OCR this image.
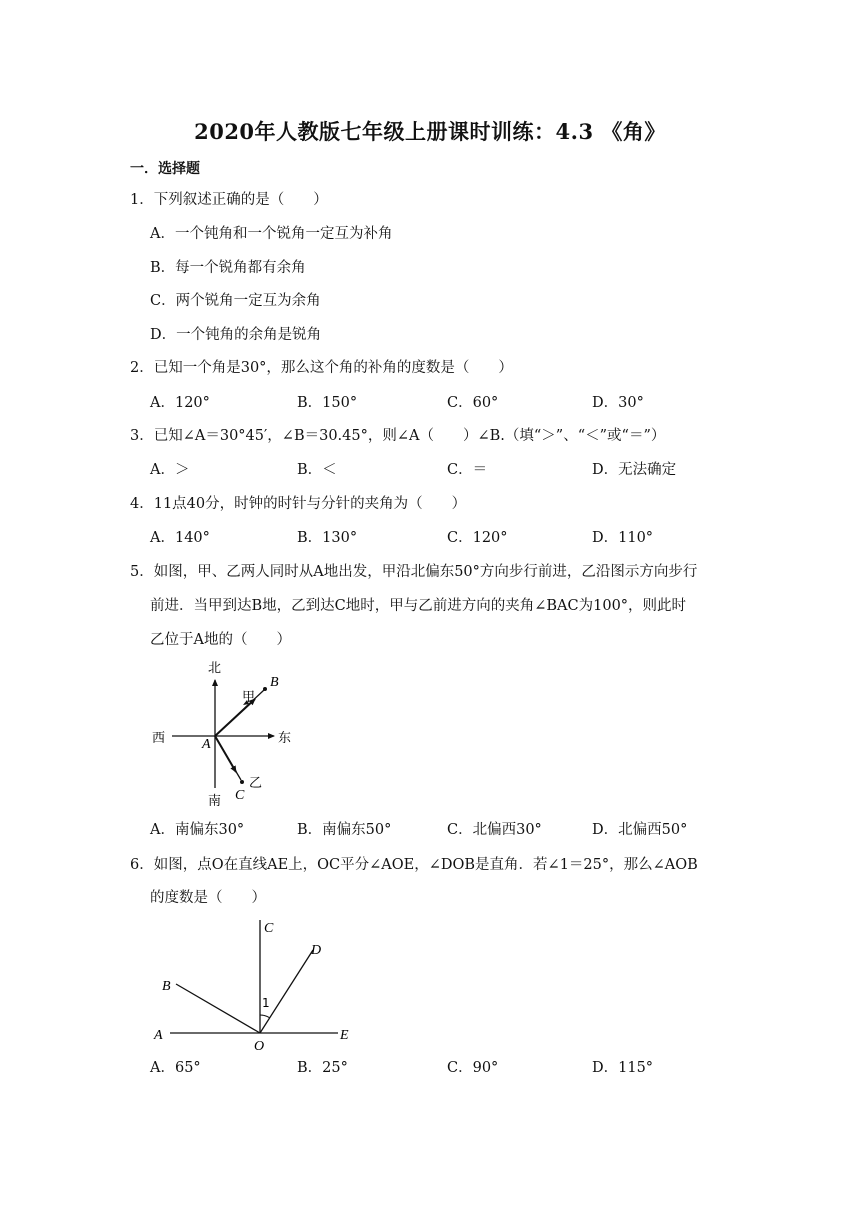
2020年人教版七年级上册课时训练：4.3 《角》
一．选择题
1．下列叙述正确的是（　　）
A．一个钝角和一个锐角一定互为补角
B．每一个锐角都有余角
C．两个锐角一定互为余角
D．一个钝角的余角是锐角
2．已知一个角是30°，那么这个角的补角的度数是（　　）
A．120°	B．150°	C．60°	D．30°
3．已知∠A＝30°45′，∠B＝30.45°，则∠A（　　）∠B.（填“＞”、“＜”或“＝”）
A．＞	B．＜	C．＝	D．无法确定
4．11点40分，时钟的时针与分针的夹角为（　　）
A．140°	B．130°	C．120°	D．110°
5．如图，甲、乙两人同时从A地出发，甲沿北偏东50°方向步行前进，乙沿图示方向步行
前进．当甲到达B地，乙到达C地时，甲与乙前进方向的夹角∠BAC为100°，则此时
乙位于A地的（　　）
北
南
西	东
甲
乙
A
B
C
A．南偏东30°	B．南偏东50°	C．北偏西30°	D．北偏西50°
6．如图，点O在直线AE上，OC平分∠AOE，∠DOB是直角．若∠1＝25°，那么∠AOB
的度数是（　　）
1
C
D
B
A	E
O
A．65°	B．25°	C．90°	D．115°
